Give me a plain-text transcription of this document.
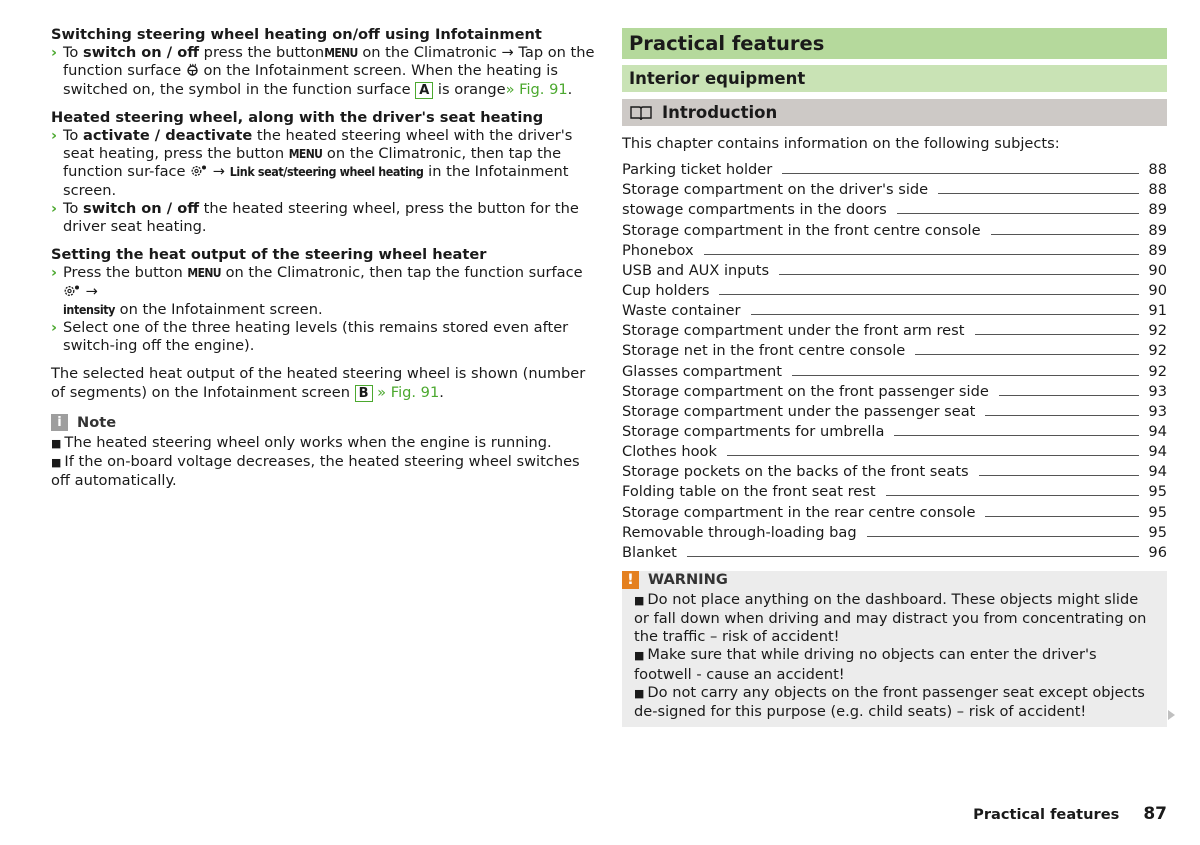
Switching steering wheel heating on/off using Infotainment
› To switch on / off press the buttonMENU on the Climatronic → Tap on the function surface  on the Infotainment screen. When the heating is switched on, the symbol in the function surface A is orange» Fig. 91.
Heated steering wheel, along with the driver's seat heating
› To activate / deactivate the heated steering wheel with the driver's seat heating, press the button MENU on the Climatronic, then tap the function sur-face  → Link seat/steering wheel heating in the Infotainment screen.
› To switch on / off the heated steering wheel, press the button for the driver seat heating.
Setting the heat output of the steering wheel heater
› Press the button MENU on the Climatronic, then tap the function surface  →
intensity on the Infotainment screen.
› Select one of the three heating levels (this remains stored even after switch-ing off the engine).
The selected heat output of the heated steering wheel is shown (number of segments) on the Infotainment screen B » Fig. 91.
i	Note
■ The heated steering wheel only works when the engine is running.
■ If the on-board voltage decreases, the heated steering wheel switches off automatically.
Practical features
Interior equipment
Introduction
This chapter contains information on the following subjects:
Parking ticket holder	88
Storage compartment on the driver's side	88
stowage compartments in the doors	89
Storage compartment in the front centre console	89
Phonebox	89
USB and AUX inputs	90
Cup holders	90
Waste container	91
Storage compartment under the front arm rest	92
Storage net in the front centre console	92
Glasses compartment	92
Storage compartment on the front passenger side	93
Storage compartment under the passenger seat	93
Storage compartments for umbrella	94
Clothes hook	94
Storage pockets on the backs of the front seats	94
Folding table on the front seat rest	95
Storage compartment in the rear centre console	95
Removable through-loading bag	95
Blanket	96
! WARNING
■ Do not place anything on the dashboard. These objects might slide or fall down when driving and may distract you from concentrating on the traffic – risk of accident!
■ Make sure that while driving no objects can enter the driver's footwell - cause an accident!
■ Do not carry any objects on the front passenger seat except objects de-signed for this purpose (e.g. child seats) – risk of accident!
Practical features 87
